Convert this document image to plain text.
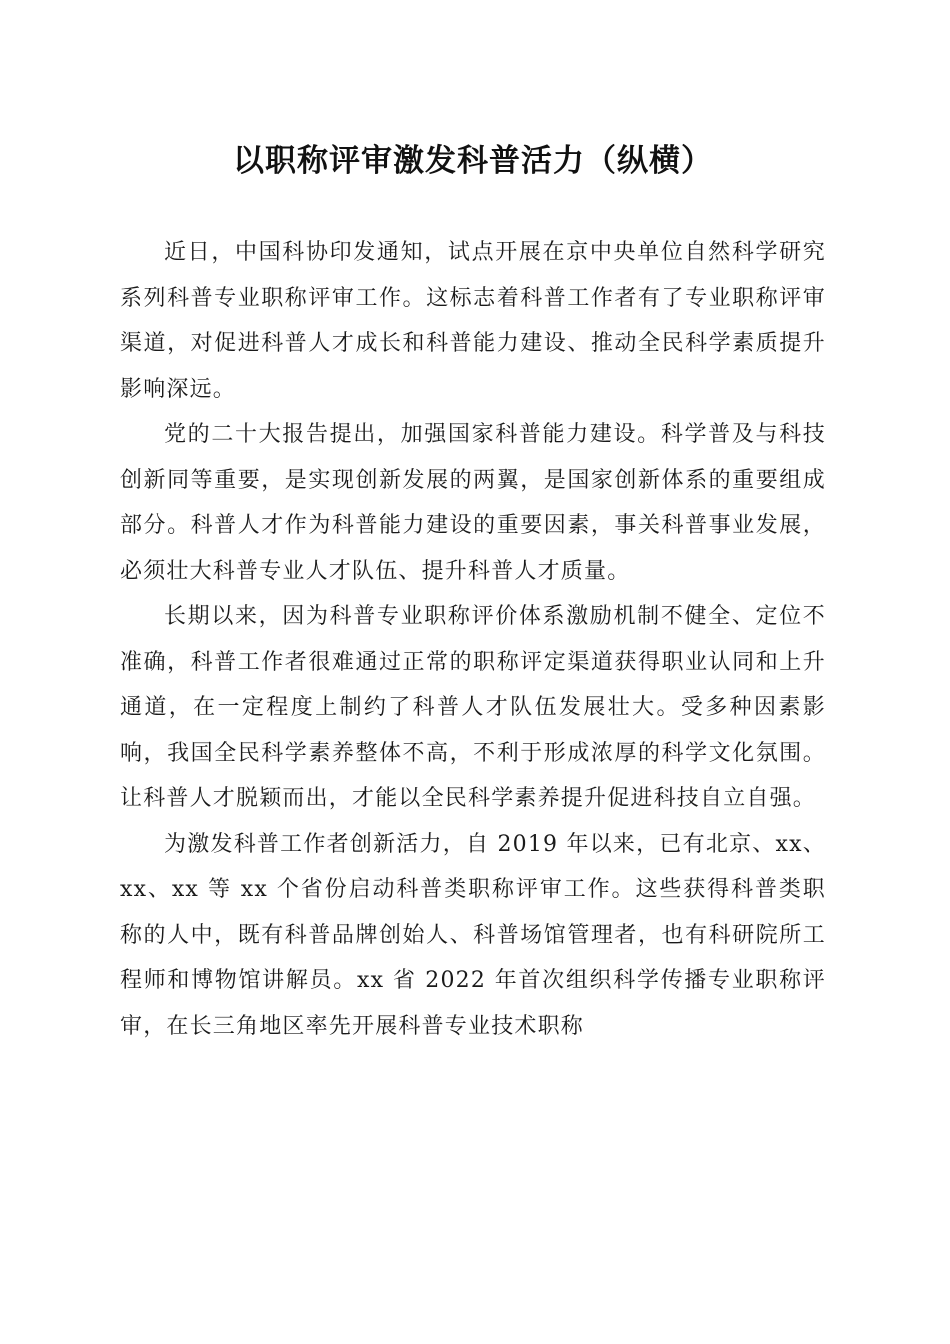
以职称评审激发科普活力（纵横）

近日，中国科协印发通知，试点开展在京中央单位自然科学研究系列科普专业职称评审工作。这标志着科普工作者有了专业职称评审渠道，对促进科普人才成长和科普能力建设、推动全民科学素质提升影响深远。

党的二十大报告提出，加强国家科普能力建设。科学普及与科技创新同等重要，是实现创新发展的两翼，是国家创新体系的重要组成部分。科普人才作为科普能力建设的重要因素，事关科普事业发展，必须壮大科普专业人才队伍、提升科普人才质量。

长期以来，因为科普专业职称评价体系激励机制不健全、定位不准确，科普工作者很难通过正常的职称评定渠道获得职业认同和上升通道，在一定程度上制约了科普人才队伍发展壮大。受多种因素影响，我国全民科学素养整体不高，不利于形成浓厚的科学文化氛围。让科普人才脱颖而出，才能以全民科学素养提升促进科技自立自强。

为激发科普工作者创新活力，自 2019 年以来，已有北京、xx、xx、xx 等 xx 个省份启动科普类职称评审工作。这些获得科普类职称的人中，既有科普品牌创始人、科普场馆管理者，也有科研院所工程师和博物馆讲解员。xx 省 2022 年首次组织科学传播专业职称评审，在长三角地区率先开展科普专业技术职称
